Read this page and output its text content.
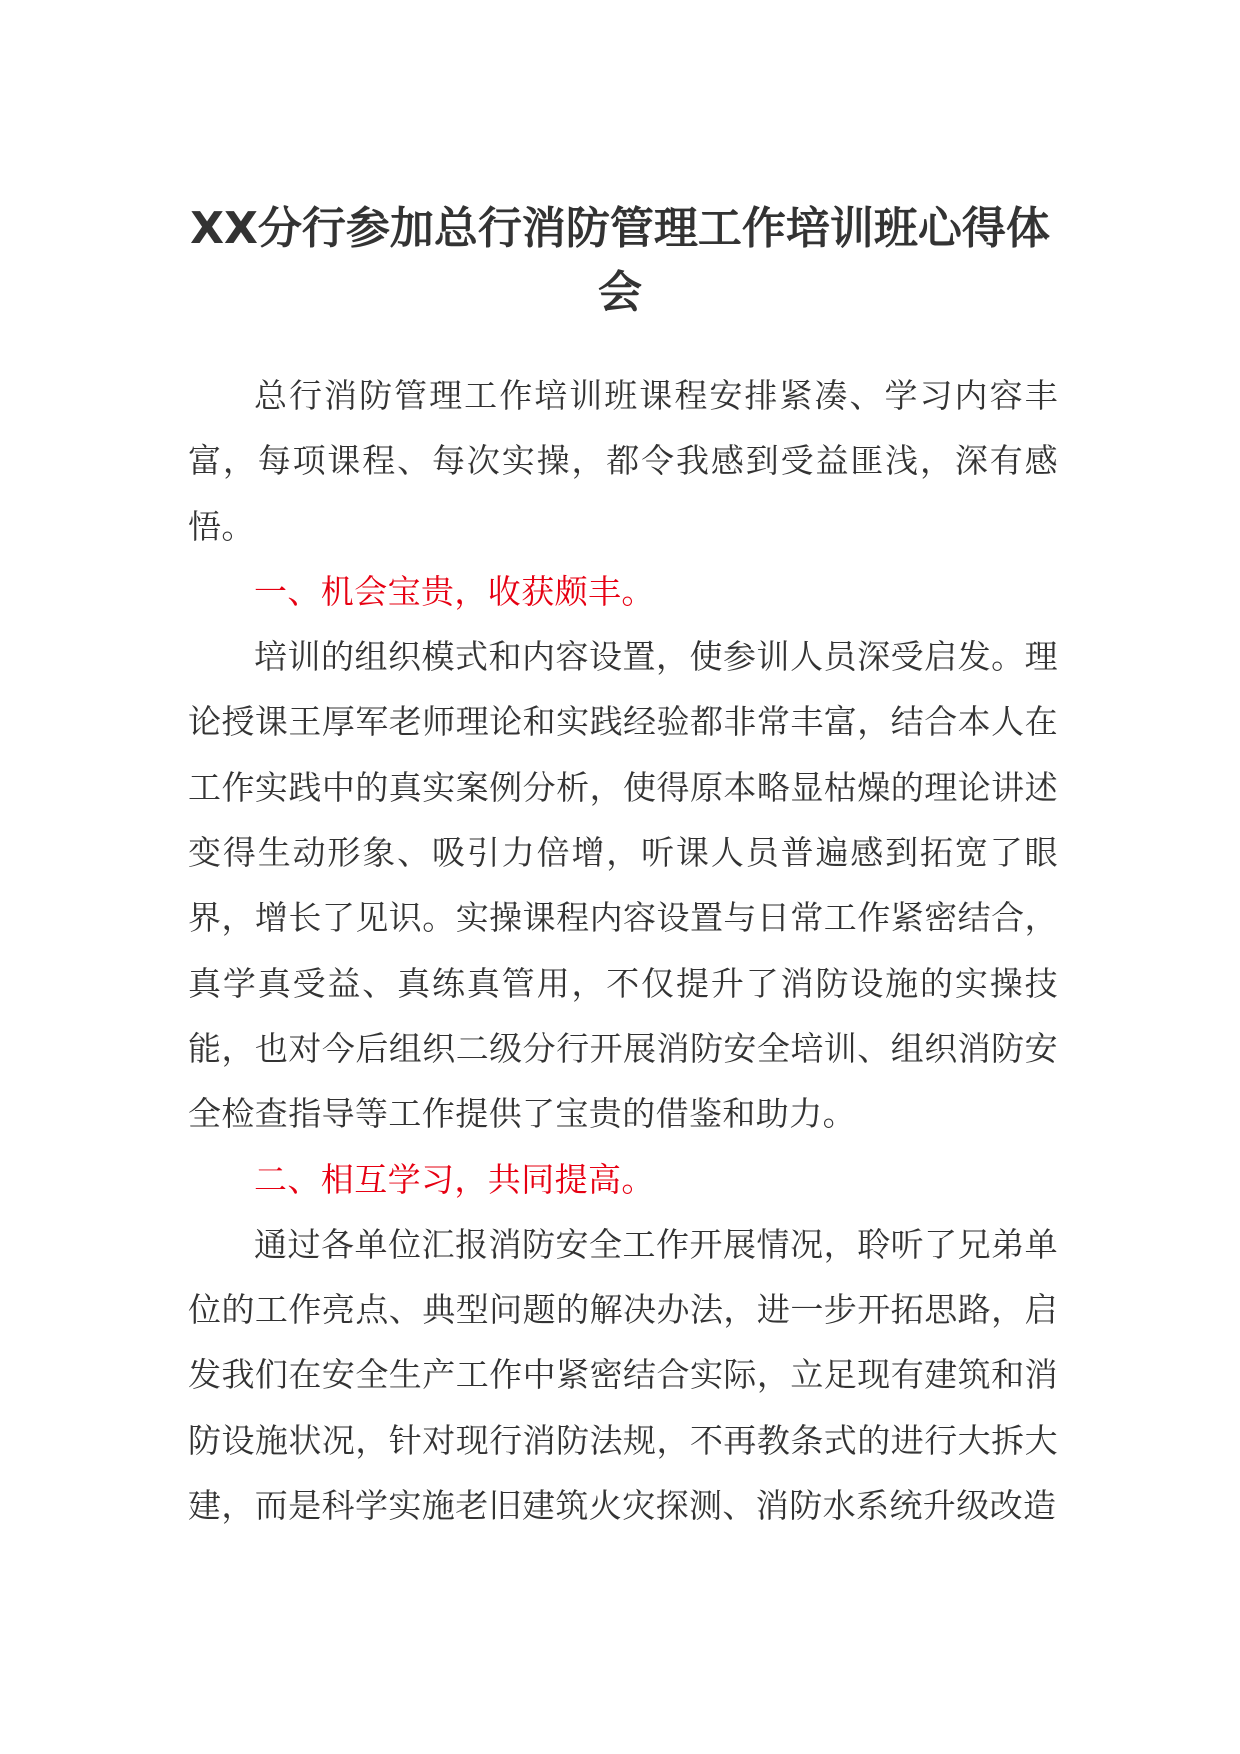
XX分行参加总行消防管理工作培训班心得体会

总行消防管理工作培训班课程安排紧凑、学习内容丰富，每项课程、每次实操，都令我感到受益匪浅，深有感悟。

一、机会宝贵，收获颇丰。

培训的组织模式和内容设置，使参训人员深受启发。理论授课王厚军老师理论和实践经验都非常丰富，结合本人在工作实践中的真实案例分析，使得原本略显枯燥的理论讲述变得生动形象、吸引力倍增，听课人员普遍感到拓宽了眼界，增长了见识。实操课程内容设置与日常工作紧密结合，真学真受益、真练真管用，不仅提升了消防设施的实操技能，也对今后组织二级分行开展消防安全培训、组织消防安全检查指导等工作提供了宝贵的借鉴和助力。

二、相互学习，共同提高。

通过各单位汇报消防安全工作开展情况，聆听了兄弟单位的工作亮点、典型问题的解决办法，进一步开拓思路，启发我们在安全生产工作中紧密结合实际，立足现有建筑和消防设施状况，针对现行消防法规，不再教条式的进行大拆大建，而是科学实施老旧建筑火灾探测、消防水系统升级改造
